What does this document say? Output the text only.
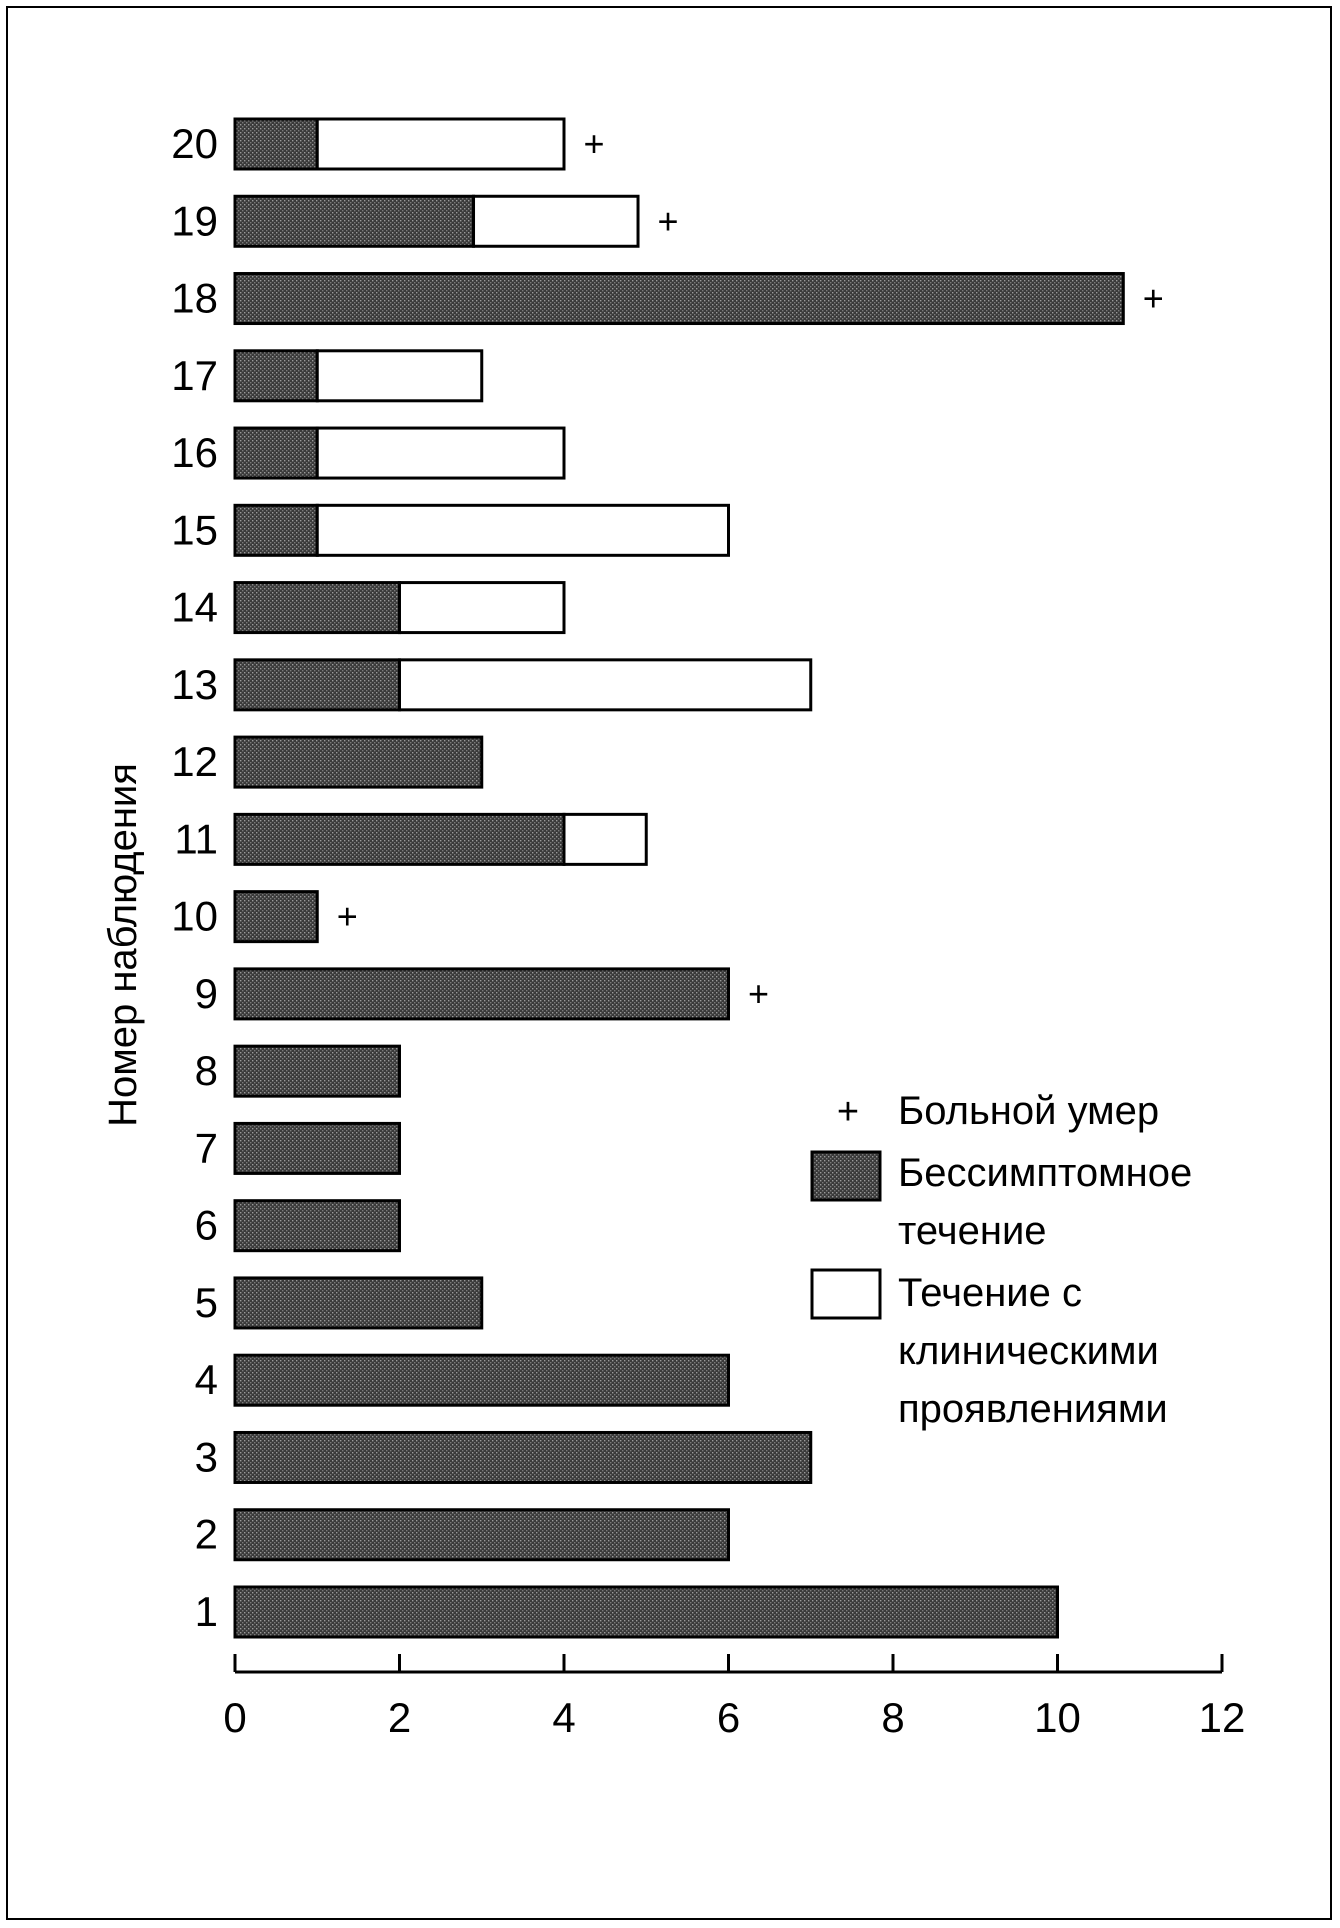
+
+
+
+
+
1
2
3
4
5
6
7
8
9
10
11
12
13
14
15
16
17
18
19
20
0	2	4	6	8	10	12
Номер наблюдения	+ Больной умер
Бессимптомное
течение
Течение с
клиническими
проявлениями
